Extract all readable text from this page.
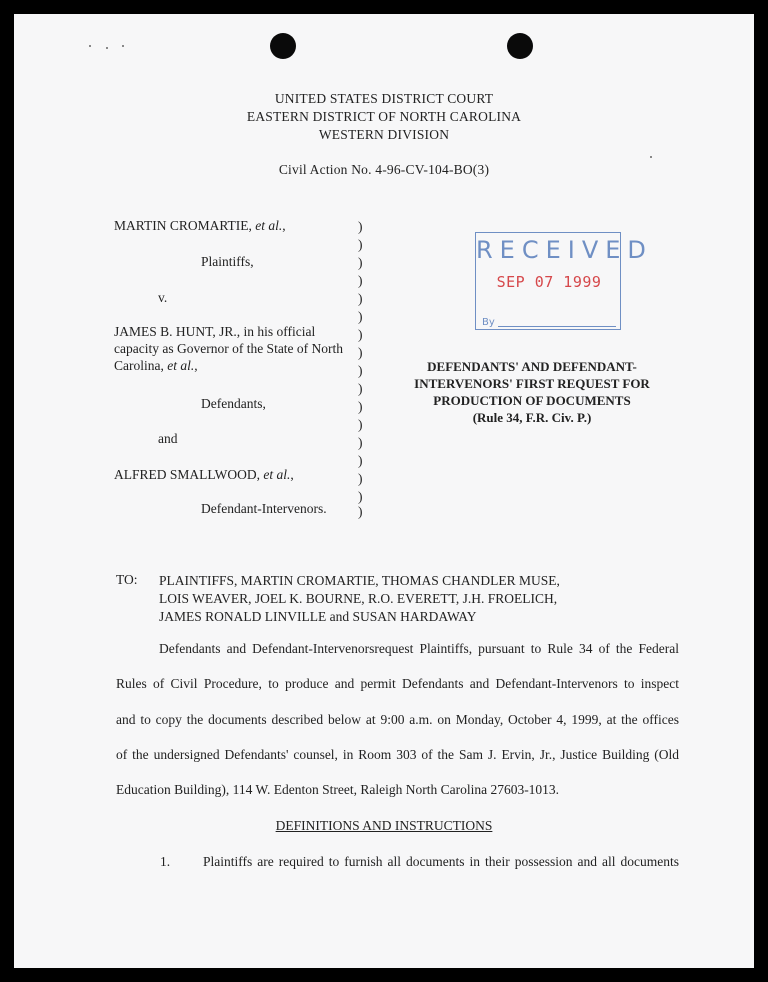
UNITED STATES DISTRICT COURT
EASTERN DISTRICT OF NORTH CAROLINA
WESTERN DIVISION
Civil Action No. 4-96-CV-104-BO(3)
MARTIN CROMARTIE, et al.,
Plaintiffs,
v.
JAMES B. HUNT, JR., in his official
capacity as Governor of the State of North
Carolina, et al.,
Defendants,
and
ALFRED SMALLWOOD, et al.,
Defendant-Intervenors.
)
)
)
)
)
)
)
)
)
)
)
)
)
)
)
)
)
RECEIVED
SEP 07 1999
By
DEFENDANTS' AND DEFENDANT-
INTERVENORS' FIRST REQUEST FOR
PRODUCTION OF DOCUMENTS
(Rule 34, F.R. Civ. P.)
TO: PLAINTIFFS, MARTIN CROMARTIE, THOMAS CHANDLER MUSE,
LOIS WEAVER, JOEL K. BOURNE, R.O. EVERETT, J.H. FROELICH,
JAMES RONALD LINVILLE and SUSAN HARDAWAY
Defendants and Defendant-Intervenorsrequest Plaintiffs, pursuant to Rule 34 of the Federal
Rules of Civil Procedure, to produce and permit Defendants and Defendant-Intervenors to inspect
and to copy the documents described below at 9:00 a.m. on Monday, October 4, 1999, at the offices
of the undersigned Defendants' counsel, in Room 303 of the Sam J. Ervin, Jr., Justice Building (Old
Education Building), 114 W. Edenton Street, Raleigh North Carolina 27603-1013.
DEFINITIONS AND INSTRUCTIONS
1. Plaintiffs are required to furnish all documents in their possession and all documents
